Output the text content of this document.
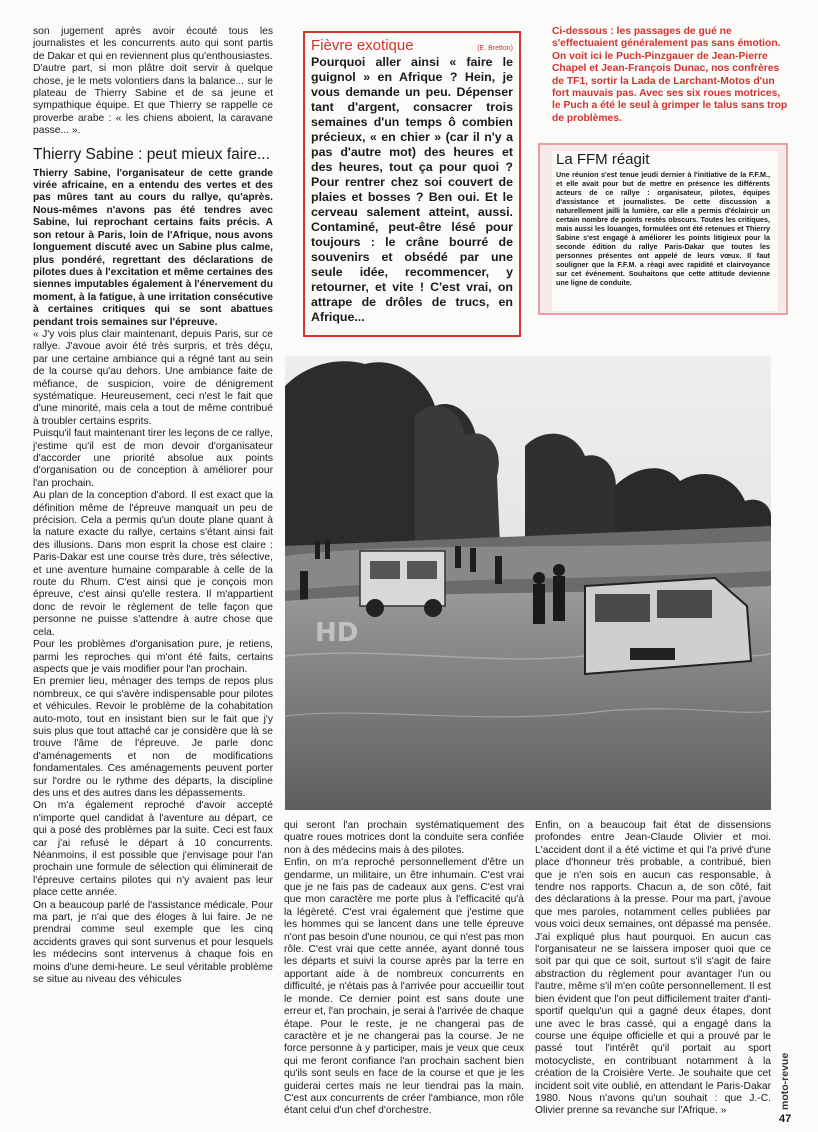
son jugement après avoir écouté tous les journalistes et les concurrents auto qui sont partis de Dakar et qui en reviennent plus qu'enthousiastes.

D'autre part, si mon plâtre doit servir à quelque chose, je le mets volontiers dans la balance... sur le plateau de Thierry Sabine et de sa jeune et sympathique équipe. Et que Thierry se rappelle ce proverbe arabe : « les chiens aboient, la caravane passe... ».

Thierry Sabine : peut mieux faire...

Thierry Sabine, l'organisateur de cette grande virée africaine, en a entendu des vertes et des pas mûres tant au cours du rallye, qu'après. Nous-mêmes n'avons pas été tendres avec Sabine, lui reprochant certains faits précis. A son retour à Paris, loin de l'Afrique, nous avons longuement discuté avec un Sabine plus calme, plus pondéré, regrettant des déclarations de pilotes dues à l'excitation et même certaines des siennes imputables également à l'énervement du moment, à la fatigue, à une irritation consécutive à certaines critiques qui se sont abattues pendant trois semaines sur l'épreuve.

« J'y vois plus clair maintenant, depuis Paris, sur ce rallye. J'avoue avoir été très surpris, et très déçu, par une certaine ambiance qui a régné tant au sein de la course qu'au dehors. Une ambiance faite de méfiance, de suspicion, voire de dénigrement systématique. Heureusement, ceci n'est le fait que d'une minorité, mais cela a tout de même contribué à troubler certains esprits.

Puisqu'il faut maintenant tirer les leçons de ce rallye, j'estime qu'il est de mon devoir d'organisateur d'accorder une priorité absolue aux points d'organisation ou de conception à améliorer pour l'an prochain.

Au plan de la conception d'abord. Il est exact que la définition même de l'épreuve manquait un peu de précision. Cela a permis qu'un doute plane quant à la nature exacte du rallye, certains s'étant ainsi fait des illusions. Dans mon esprit la chose est claire : Paris-Dakar est une course très dure, très sélective, et une aventure humaine comparable à celle de la route du Rhum. C'est ainsi que je conçois mon épreuve, c'est ainsi qu'elle restera. Il m'appartient donc de revoir le règlement de telle façon que personne ne puisse s'attendre à autre chose que cela.

Pour les problèmes d'organisation pure, je retiens, parmi les reproches qui m'ont été faits, certains aspects que je vais modifier pour l'an prochain.

En premier lieu, ménager des temps de repos plus nombreux, ce qui s'avère indispensable pour pilotes et véhicules. Revoir le problème de la cohabitation auto-moto, tout en insistant bien sur le fait que j'y suis plus que tout attaché car je considère que là se trouve l'âme de l'épreuve. Je parle donc d'aménagements et non de modifications fondamentales. Ces aménagements peuvent porter sur l'ordre ou le rythme des départs, la discipline des uns et des autres dans les dépassements.

On m'a également reproché d'avoir accepté n'importe quel candidat à l'aventure au départ, ce qui a posé des problèmes par la suite. Ceci est faux car j'ai refusé le départ à 10 concurrents. Néanmoins, il est possible que j'envisage pour l'an prochain une formule de sélection qui éliminerait de l'épreuve certains pilotes qui n'y avaient pas leur place cette année.

On a beaucoup parlé de l'assistance médicale. Pour ma part, je n'ai que des éloges à lui faire. Je ne prendrai comme seul exemple que les cinq accidents graves qui sont survenus et pour lesquels les médecins sont intervenus à chaque fois en moins d'une demi-heure. Le seul véritable problème se situe au niveau des véhicules

Fièvre exotique	(E. Bretton)
Pourquoi aller ainsi « faire le guignol » en Afrique ? Hein, je vous demande un peu. Dépenser tant d'argent, consacrer trois semaines d'un temps ô combien précieux, « en chier » (car il n'y a pas d'autre mot) des heures et des heures, tout ça pour quoi ? Pour rentrer chez soi couvert de plaies et bosses ? Ben oui. Et le cerveau salement atteint, aussi. Contaminé, peut-être lésé pour toujours : le crâne bourré de souvenirs et obsédé par une seule idée, recommencer, y retourner, et vite ! C'est vrai, on attrape de drôles de trucs, en Afrique...
Ci-dessous : les passages de gué ne s'effectuaient généralement pas sans émotion. On voit ici le Puch-Pinzgauer de Jean-Pierre Chapel et Jean-François Dunac, nos confrères de TF1, sortir la Lada de Larchant-Motos d'un fort mauvais pas. Avec ses six roues motrices, le Puch a été le seul à grimper le talus sans trop de problèmes.
La FFM réagit
Une réunion s'est tenue jeudi dernier à l'initiative de la F.F.M., et elle avait pour but de mettre en présence les différents acteurs de ce rallye : organisateur, pilotes, équipes d'assistance et journalistes. De cette discussion a naturellement jailli la lumière, car elle a permis d'éclaircir un certain nombre de points restés obscurs. Toutes les critiques, mais aussi les louanges, formulées ont été retenues et Thierry Sabine s'est engagé à améliorer les points litigieux pour la seconde édition du rallye Paris-Dakar que toutes les personnes présentes ont appelé de leurs vœux. Il faut souligner que la F.F.M. a réagi avec rapidité et clairvoyance sur cet événement. Souhaitons que cette attitude devienne une ligne de conduite.
HD

qui seront l'an prochain systématiquement des quatre roues motrices dont la conduite sera confiée non à des médecins mais à des pilotes.

Enfin, on m'a reproché personnellement d'être un gendarme, un militaire, un être inhumain. C'est vrai que je ne fais pas de cadeaux aux gens. C'est vrai que mon caractère me porte plus à l'efficacité qu'à la légèreté. C'est vrai également que j'estime que les hommes qui se lancent dans une telle épreuve n'ont pas besoin d'une nounou, ce qui n'est pas mon rôle. C'est vrai que cette année, ayant donné tous les départs et suivi la course après par la terre en apportant aide à de nombreux concurrents en difficulté, je n'étais pas à l'arrivée pour accueillir tout le monde. Ce dernier point est sans doute une erreur et, l'an prochain, je serai à l'arrivée de chaque étape. Pour le reste, je ne changerai pas de caractère et je ne changerai pas la course. Je ne force personne à y participer, mais je veux que ceux qui me feront confiance l'an prochain sachent bien qu'ils sont seuls en face de la course et que je les guiderai certes mais ne leur tiendrai pas la main. C'est aux concurrents de créer l'ambiance, mon rôle étant celui d'un chef d'orchestre.

Enfin, on a beaucoup fait état de dissensions profondes entre Jean-Claude Olivier et moi. L'accident dont il a été victime et qui l'a privé d'une place d'honneur très probable, a contribué, bien que je n'en sois en aucun cas responsable, à tendre nos rapports. Chacun a, de son côté, fait des déclarations à la presse. Pour ma part, j'avoue que mes paroles, notamment celles publiées par vous voici deux semaines, ont dépassé ma pensée. J'ai expliqué plus haut pourquoi. En aucun cas l'organisateur ne se laissera imposer quoi que ce soit par qui que ce soit, surtout s'il s'agit de faire abstraction du règlement pour avantager l'un ou l'autre, même s'il m'en coûte personnellement. Il est bien évident que l'on peut difficilement traiter d'anti-sportif quelqu'un qui a gagné deux étapes, dont une avec le bras cassé, qui a engagé dans la course une équipe officielle et qui a prouvé par le passé tout l'intérêt qu'il portait au sport motocycliste, en contribuant notamment à la création de la Croisière Verte. Je souhaite que cet incident soit vite oublié, en attendant le Paris-Dakar 1980. Nous n'avons qu'un souhait : que J.-C. Olivier prenne sa revanche sur l'Afrique. »

moto-revue
47
